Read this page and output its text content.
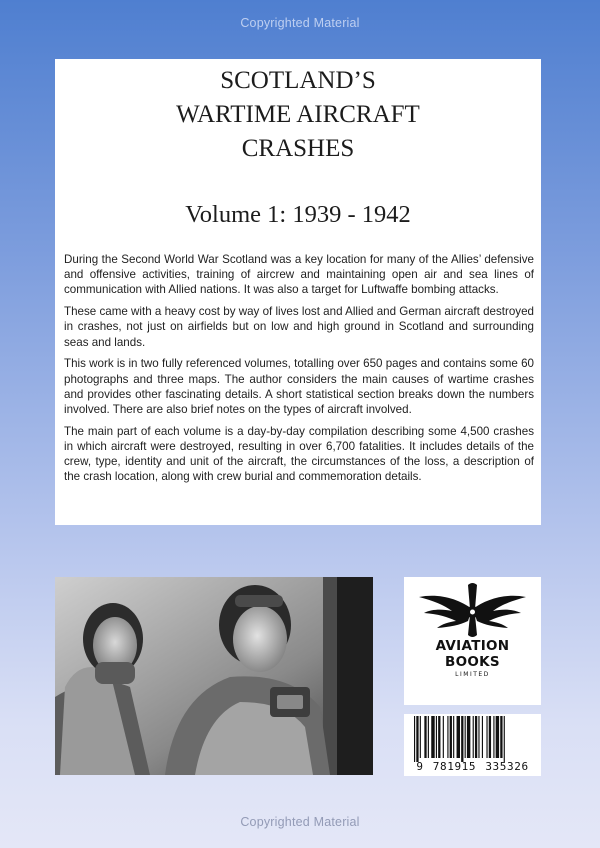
Copyrighted Material
SCOTLAND’S
WARTIME AIRCRAFT
CRASHES
Volume 1: 1939 - 1942

During the Second World War Scotland was a key location for many of the Allies’ defensive and offensive activities, training of aircrew and maintaining open air and sea lines of communication with Allied nations. It was also a target for Luftwaffe bombing attacks.

These came with a heavy cost by way of lives lost and Allied and German aircraft destroyed in crashes, not just on airfields but on low and high ground in Scotland and surrounding seas and lands.

This work is in two fully referenced volumes, totalling over 650 pages and contains some 60 photographs and three maps. The author considers the main causes of wartime crashes and provides other fascinating details. A short statistical section breaks down the numbers involved. There are also brief notes on the types of aircraft involved.

The main part of each volume is a day-by-day compilation describing some 4,500 crashes in which aircraft were destroyed, resulting in over 6,700 fatalities. It includes details of the crew, type, identity and unit of the aircraft, the circumstances of the loss, a description of the crash location, along with crew burial and commemoration details.

AVIATION
BOOKS
LIMITED
9 781915 335326
Copyrighted Material
